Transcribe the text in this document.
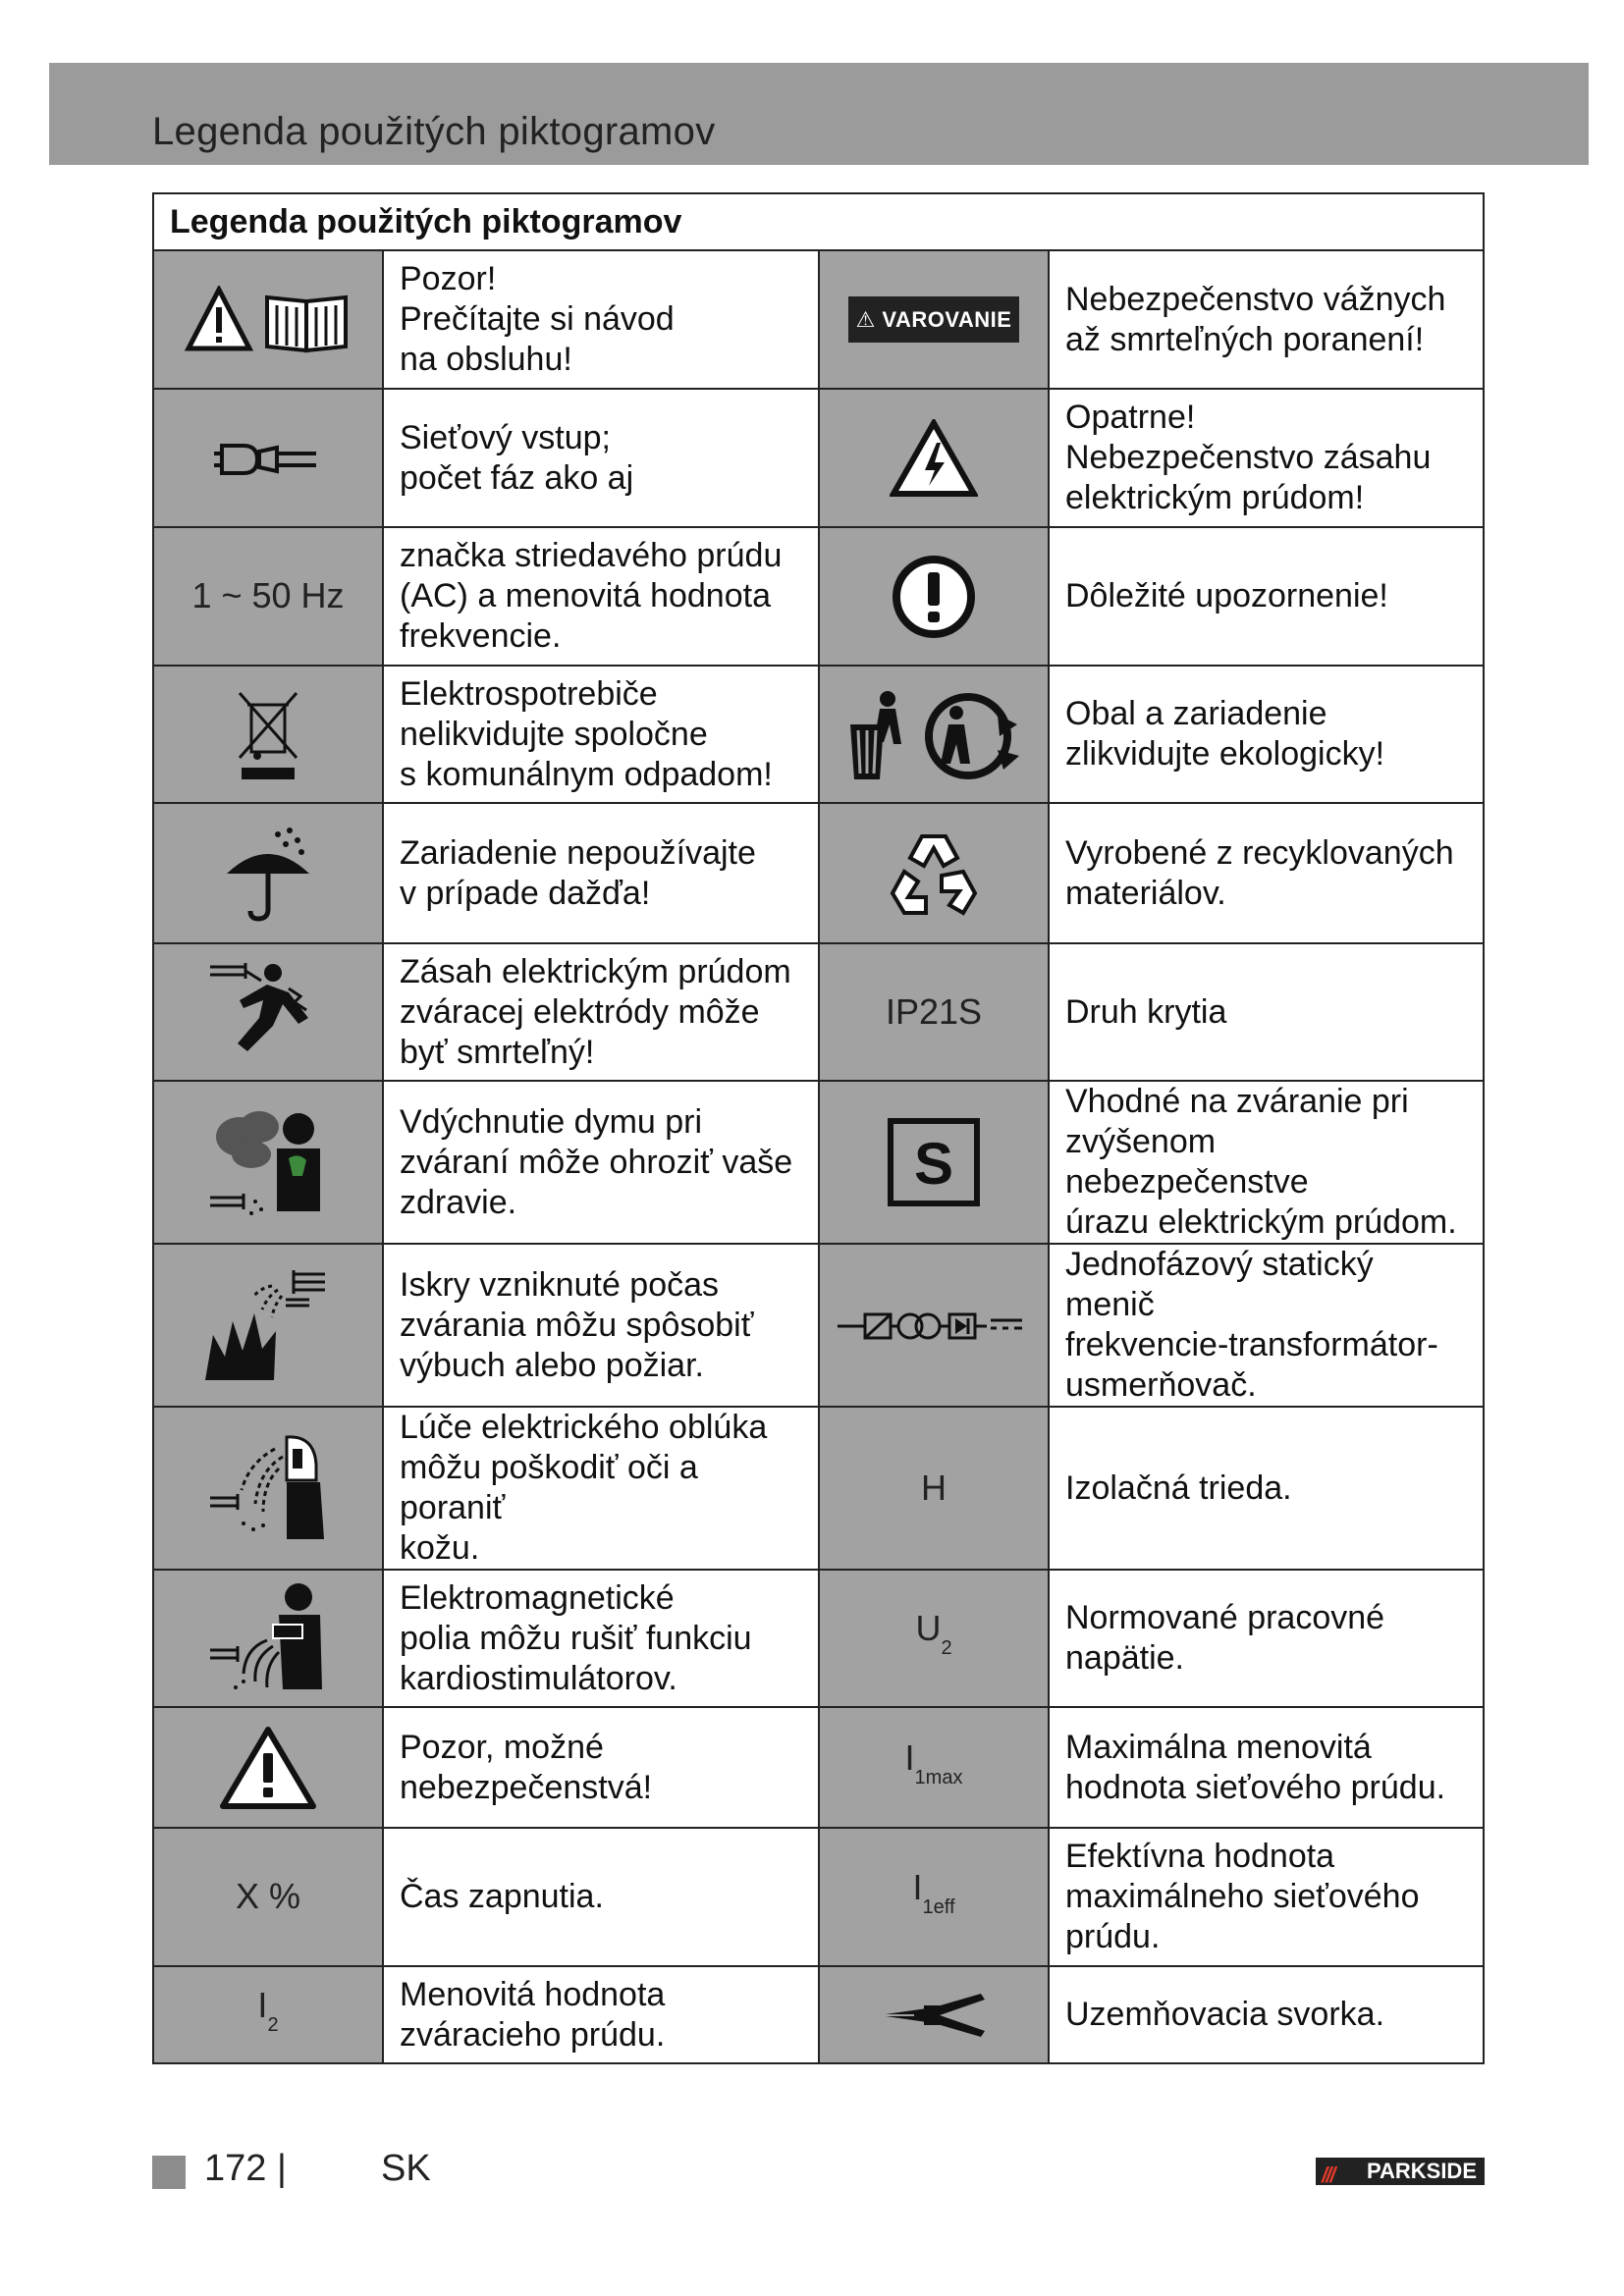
Legenda použitých piktogramov
Legenda použitých piktogramov			
	Pozor!
Prečítajte si návod
na obsluhu!	⚠ VAROVANIE	Nebezpečenstvo vážnych
až smrteľných poranení!
	Sieťový vstup;
počet fáz ako aj		Opatrne!
Nebezpečenstvo zásahu
elektrickým prúdom!
1 ~ 50 Hz	značka striedavého prúdu
(AC) a menovitá hodnota
frekvencie.		Dôležité upozornenie!
	Elektrospotrebiče
nelikvidujte spoločne
s komunálnym odpadom!		Obal a zariadenie
zlikvidujte ekologicky!
	Zariadenie nepoužívajte
v prípade dažďa!		Vyrobené z recyklovaných
materiálov.
	Zásah elektrickým prúdom
zváracej elektródy môže
byť smrteľný!	IP21S	Druh krytia
	Vdýchnutie dymu pri
zváraní môže ohroziť vaše
zdravie.	S	Vhodné na zváranie pri
zvýšenom nebezpečenstve
úrazu elektrickým prúdom.
	Iskry vzniknuté počas
zvárania môžu spôsobiť
výbuch alebo požiar.		Jednofázový statický menič
frekvencie-transformátor-
usmerňovač.
	Lúče elektrického oblúka
môžu poškodiť oči a poraniť
kožu.	H	Izolačná trieda.
	Elektromagnetické
polia môžu rušiť funkciu
kardiostimulátorov.	$U_2$	Normované pracovné
napätie.
	Pozor, možné
nebezpečenstvá!	$I_{1max}$	Maximálna menovitá
hodnota sieťového prúdu.
X %	Čas zapnutia.	$I_{1eff}$	Efektívna hodnota
maximálneho sieťového
prúdu.
$I_2$	Menovitá hodnota
zváracieho prúdu.		Uzemňovacia svorka.
172 |	SK	/// PARKSIDE
